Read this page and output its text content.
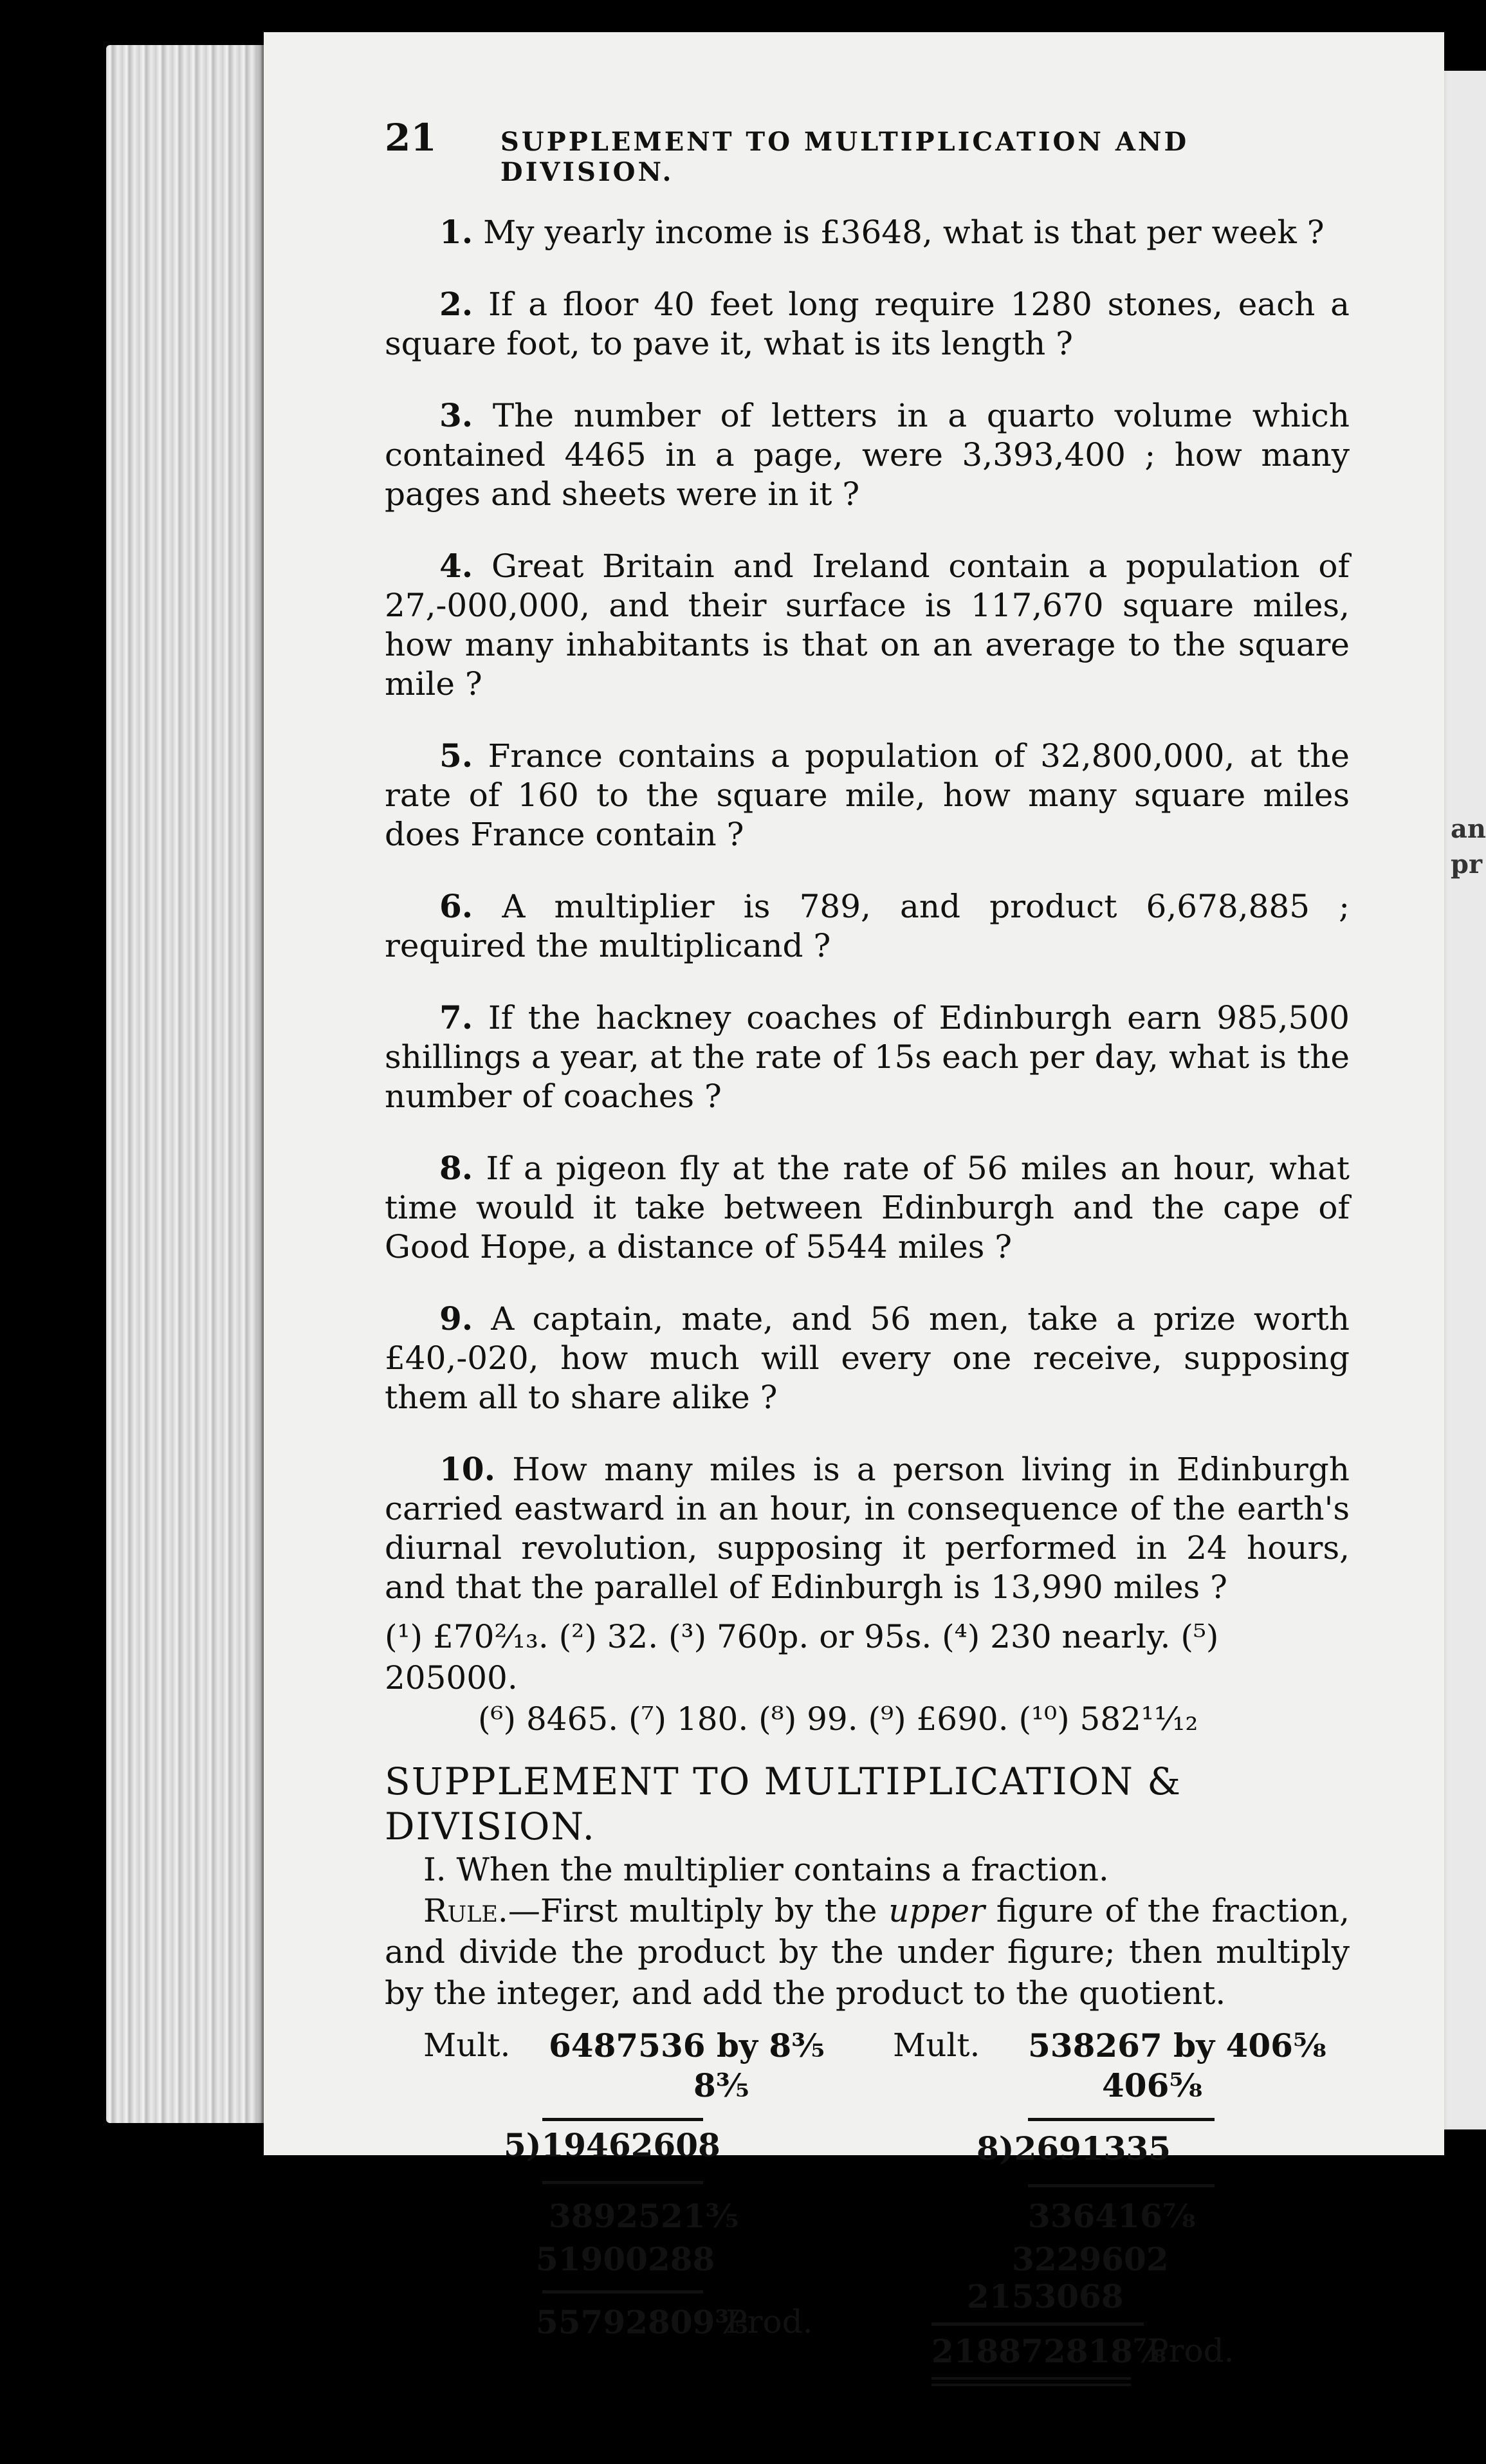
an
pr
21	SUPPLEMENT TO MULTIPLICATION AND DIVISION.

1. My yearly income is £3648, what is that per week ?

2. If a floor 40 feet long require 1280 stones, each a square foot, to pave it, what is its length ?

3. The number of letters in a quarto volume which contained 4465 in a page, were 3,393,400 ; how many pages and sheets were in it ?

4. Great Britain and Ireland contain a population of 27,-000,000, and their surface is 117,670 square miles, how many inhabitants is that on an average to the square mile ?

5. France contains a population of 32,800,000, at the rate of 160 to the square mile, how many square miles does France contain ?

6. A multiplier is 789, and product 6,678,885 ; required the multiplicand ?

7. If the hackney coaches of Edinburgh earn 985,500 shillings a year, at the rate of 15s each per day, what is the number of coaches ?

8. If a pigeon fly at the rate of 56 miles an hour, what time would it take between Edinburgh and the cape of Good Hope, a distance of 5544 miles ?

9. A captain, mate, and 56 men, take a prize worth £40,-020, how much will every one receive, supposing them all to share alike ?

10. How many miles is a person living in Edinburgh carried eastward in an hour, in consequence of the earth's diurnal revolution, supposing it performed in 24 hours, and that the parallel of Edinburgh is 13,990 miles ?

(¹) £70²⁄₁₃. (²) 32. (³) 760p. or 95s. (⁴) 230 nearly. (⁵) 205000.
(⁶) 8465. (⁷) 180. (⁸) 99. (⁹) £690. (¹⁰) 582¹¹⁄₁₂
SUPPLEMENT TO MULTIPLICATION & DIVISION.
I. When the multiplier contains a fraction.
Rule.—First multiply by the upper figure of the fraction, and divide the product by the under figure; then multiply by the integer, and add the product to the quotient.
Mult. 6487536 by 8³⁄₅
8³⁄₅
5)19462608
3892521³⁄₅
51900288
55792809³⁄₅
Prod.
Mult. 538267 by 406⁵⁄₈
406⁵⁄₈
8)2691335
336416⁷⁄₈
3229602
2153068
218872818⁷⁄₈
Prod.
